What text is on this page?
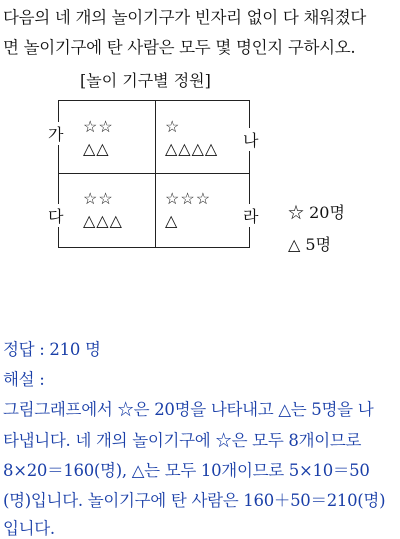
다음의 네 개의 놀이기구가 빈자리 없이 다 채워졌다
면 놀이기구에 탄 사람은 모두 몇 명인지 구하시오.
[놀이 기구별 정원]
☆☆
△△
☆
△△△△
☆☆
△△△
☆☆☆
△
가	나
다	라 ☆ 20명
△ 5명
정답 : 210 명
해설 :
그림그래프에서 ☆은 20명을 나타내고 △는 5명을 나
타냅니다. 네 개의 놀이기구에 ☆은 모두 8개이므로
8×20＝160(명), △는 모두 10개이므로 5×10＝50
(명)입니다. 놀이기구에 탄 사람은 160＋50＝210(명)
입니다.
